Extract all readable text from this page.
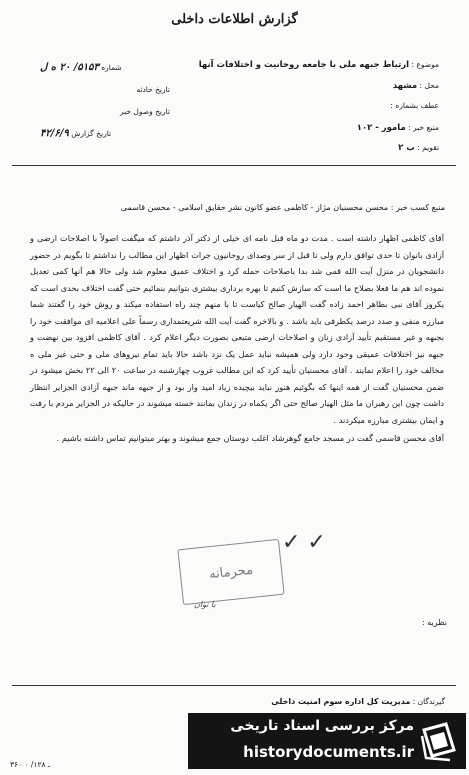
گزارش اطلاعات داخلی
موضوع : ارتباط جبهه ملی با جامعه روحانیت و اختلافات آنها
محل : مشهد
عطف بشماره :
منبع خبر : مامور - ۱۰۲
تقویم : ب ۲
شماره ۵۱۵۳/ ۲۰ ه ل
تاریخ حادثه
تاریخ وصول خبر
تاریخ گزارش ۴۲/۶/۹
منبع کسب خبر : محسن محسنیان مژاز - کاظمی عضو کانون نشر حقایق اسلامی - محسن قاسمی

آقای کاظمی اظهار داشته است . مدت دو ماه قبل نامه ای خیلی از دکتر آذر داشتم که میگفت اصولاً با اصلاحات ارضی و آزادی بانوان تا حدی توافق دارم ولی تا قبل از سر وصدای روحانیون جرات اظهار این مطالب را نداشتم تا بگویم در حضور دانشجویان در منزل آیت الله قمی شد بدا باصلاحات حمله کرد و اختلاف عمیق معلوم شد ولی حالا هم آنها کمی تعدیل نموده اند هم ما فعلا بصلاح ما است که سازش کنیم تا بهره برداری بیشتری بتوانیم بنمائیم حتی گفت اختلاف بحدی است که یکروز آقای نبی بطاهر احمد زاده گفت الهیار صالح کیاست تا با منهم چند راه استفاده میکند و روش خود را گفتند شما مبارزه منفی و صدد درصد یکطرفی باید باشد . و بالاخره گفت آیت الله شریعتمداری رسماً علی اعلامیه ای موافقت خود را بجبهه و غیر مستقیم تأیید آزادی زنان و اصلاحات ارضی متبعی بصورت دیگر اعلام کرد . آقای کاظمی افزود بین نهضت و جبهه نیز اختلافات عمیقی وجود دارد ولی همیشه نباید عمل یک نزد باشد حالا باید تمام نیروهای ملی و حتی غیر ملی ه مخالف خود را اعلام نمایند . آقای محسنیان تأیید کرد که این مطالب غروب چهارشنبه در ساعت ۲۰ الی ۲۲ بخش میشود در ضمن محسنیان گفت از همه اینها که بگوئیم هنوز نباید بیچیده زیاد امید وار بود و از جبهه ماند جبهه آزادی الجزایر انتظار داشت چون این رهبران ما مثل الهیار صالح حتی اگر یکماه در زندان بمانند خسته میشوند در حالیکه در الجزایر مردم با رفت و ایمان بیشتری مبارزه میکردند .

آقای محسن قاسمی گفت در مسجد جامع گوهرشاد اغلب دوستان جمع میشوند و بهتر میتوانیم تماس داشته باشیم .

✓ ✓
محرمانه
با نوان
نظریه :
گیرندگان : مدیریت کل اداره سوم امنیت داخلی
۳۶۰ ـ ۱۲۸/ ۰
مرکز بررسی اسناد تاریخی
historydocuments.ir
